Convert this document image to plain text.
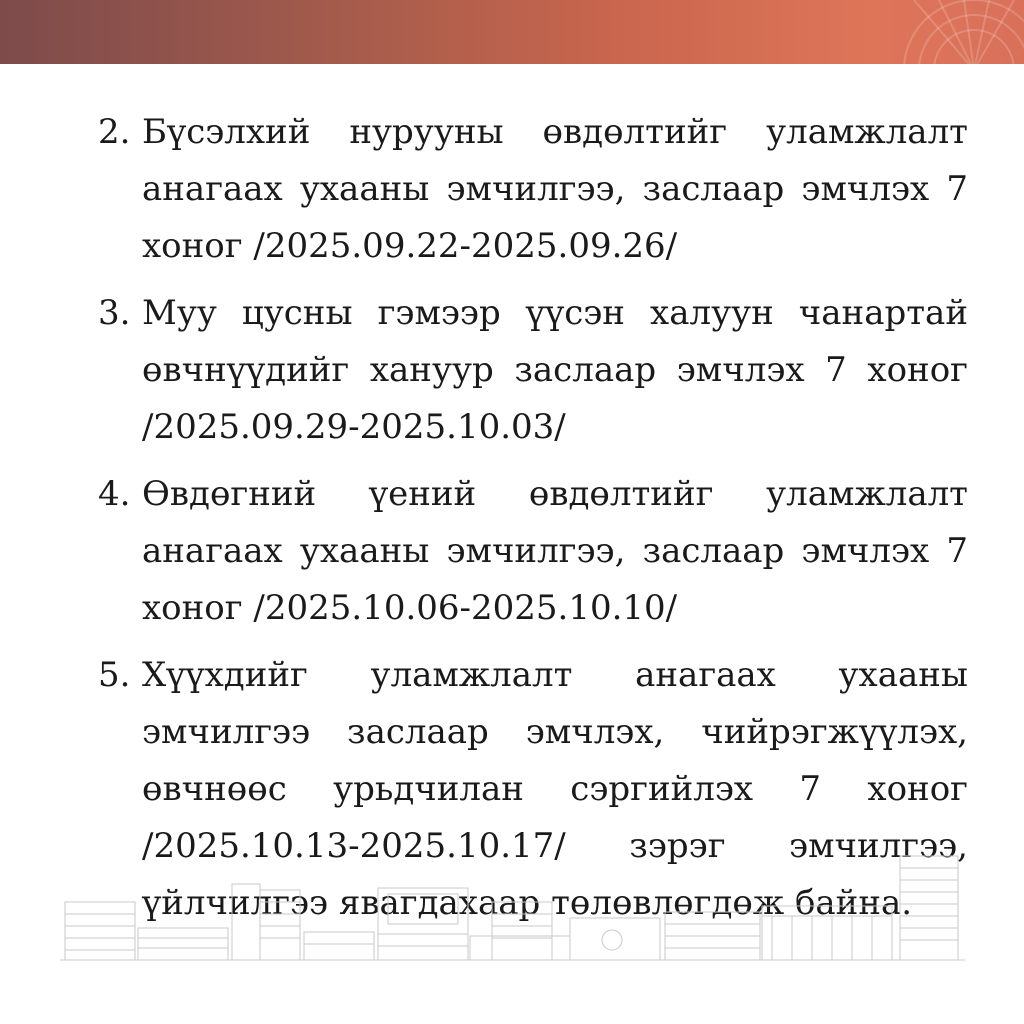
2. Бүсэлхий нурууны өвдөлтийг уламжлалт анагаах ухааны эмчилгээ, заслаар эмчлэх 7 хоног /2025.09.22-2025.09.26/
3. Муу цусны гэмээр үүсэн халуун чанартай өвчнүүдийг хануур заслаар эмчлэх 7 хоног /2025.09.29-2025.10.03/
4. Өвдөгний үений өвдөлтийг уламжлалт анагаах ухааны эмчилгээ, заслаар эмчлэх 7 хоног /2025.10.06-2025.10.10/
5. Хүүхдийг уламжлалт анагаах ухааны эмчилгээ заслаар эмчлэх, чийрэгжүүлэх, өвчнөөс урьдчилан сэргийлэх 7 хоног /2025.10.13-2025.10.17/ зэрэг эмчилгээ, үйлчилгээ явагдахаар төлөвлөгдөж байна.
